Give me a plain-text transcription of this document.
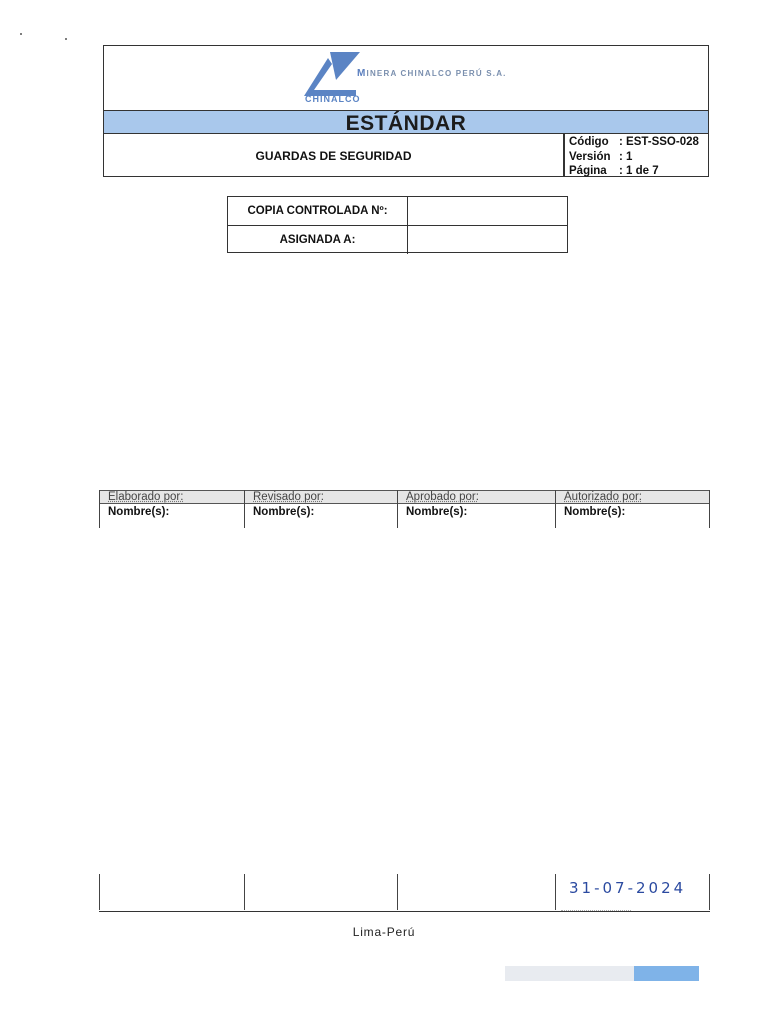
MINERA CHINALCO PERÚ S.A.
CHINALCO
ESTÁNDAR
GUARDAS DE SEGURIDAD
Código : EST-SSO-028
Versión : 1
Página	: 1 de 7
COPIA CONTROLADA Nº:
ASIGNADA A:
Elaborado por:
Nombre(s):
Revisado por:
Nombre(s):
Aprobado por:
Nombre(s):
Autorizado por:
Nombre(s):
31-07-2024
Lima-Perú
